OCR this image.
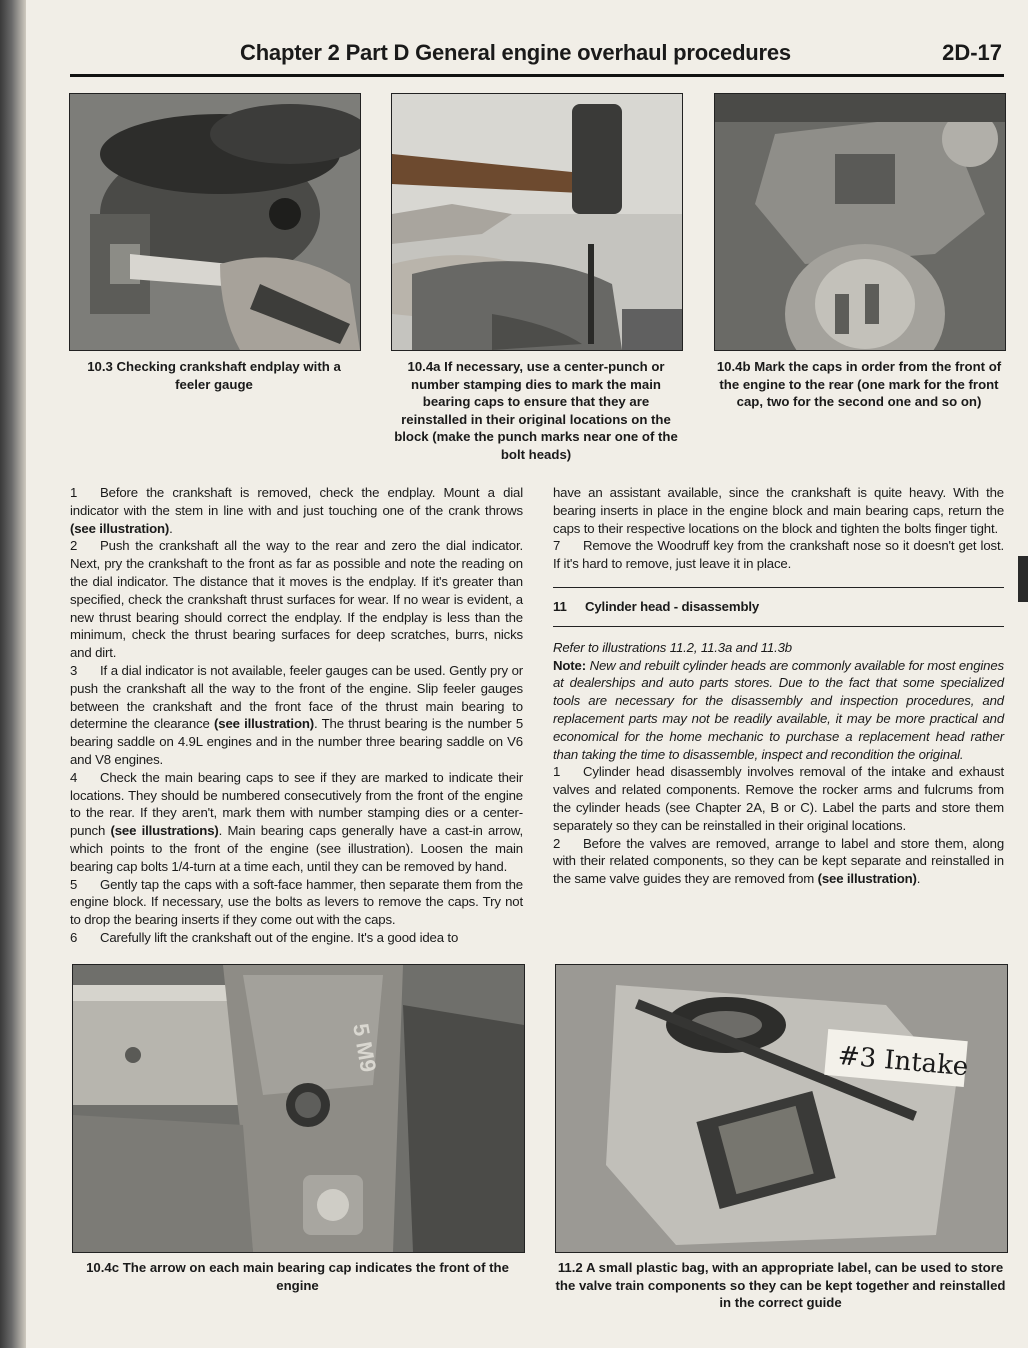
Chapter 2 Part D General engine overhaul procedures	2D-17
10.3 Checking crankshaft endplay with a feeler gauge
10.4a If necessary, use a center-punch or number stamping dies to mark the main bearing caps to ensure that they are reinstalled in their original locations on the block (make the punch marks near one of the bolt heads)
10.4b Mark the caps in order from the front of the engine to the rear (one mark for the front cap, two for the second one and so on)

1 Before the crankshaft is removed, check the endplay. Mount a dial indicator with the stem in line with and just touching one of the crank throws (see illustration).

2 Push the crankshaft all the way to the rear and zero the dial indicator. Next, pry the crankshaft to the front as far as possible and note the reading on the dial indicator. The distance that it moves is the endplay. If it's greater than specified, check the crankshaft thrust surfaces for wear. If no wear is evident, a new thrust bearing should correct the endplay. If the endplay is less than the minimum, check the thrust bearing surfaces for deep scratches, burrs, nicks and dirt.

3 If a dial indicator is not available, feeler gauges can be used. Gently pry or push the crankshaft all the way to the front of the engine. Slip feeler gauges between the crankshaft and the front face of the thrust main bearing to determine the clearance (see illustration). The thrust bearing is the number 5 bearing saddle on 4.9L engines and in the number three bearing saddle on V6 and V8 engines.

4 Check the main bearing caps to see if they are marked to indicate their locations. They should be numbered consecutively from the front of the engine to the rear. If they aren't, mark them with number stamping dies or a center-punch (see illustrations). Main bearing caps generally have a cast-in arrow, which points to the front of the engine (see illustration). Loosen the main bearing cap bolts 1/4-turn at a time each, until they can be removed by hand.

5 Gently tap the caps with a soft-face hammer, then separate them from the engine block. If necessary, use the bolts as levers to remove the caps. Try not to drop the bearing inserts if they come out with the caps.

6 Carefully lift the crankshaft out of the engine. It's a good idea to

have an assistant available, since the crankshaft is quite heavy. With the bearing inserts in place in the engine block and main bearing caps, return the caps to their respective locations on the block and tighten the bolts finger tight.

7 Remove the Woodruff key from the crankshaft nose so it doesn't get lost. If it's hard to remove, just leave it in place.

11 Cylinder head - disassembly

Refer to illustrations 11.2, 11.3a and 11.3b

Note: New and rebuilt cylinder heads are commonly available for most engines at dealerships and auto parts stores. Due to the fact that some specialized tools are necessary for the disassembly and inspection procedures, and replacement parts may not be readily available, it may be more practical and economical for the home mechanic to purchase a replacement head rather than taking the time to disassemble, inspect and recondition the original.

1 Cylinder head disassembly involves removal of the intake and exhaust valves and related components. Remove the rocker arms and fulcrums from the cylinder heads (see Chapter 2A, B or C). Label the parts and store them separately so they can be reinstalled in their original locations.

2 Before the valves are removed, arrange to label and store them, along with their related components, so they can be kept separate and reinstalled in the same valve guides they are removed from (see illustration).

5 M9
10.4c The arrow on each main bearing cap indicates the front of the engine
#3 Intake
11.2 A small plastic bag, with an appropriate label, can be used to store the valve train components so they can be kept together and reinstalled in the correct guide
